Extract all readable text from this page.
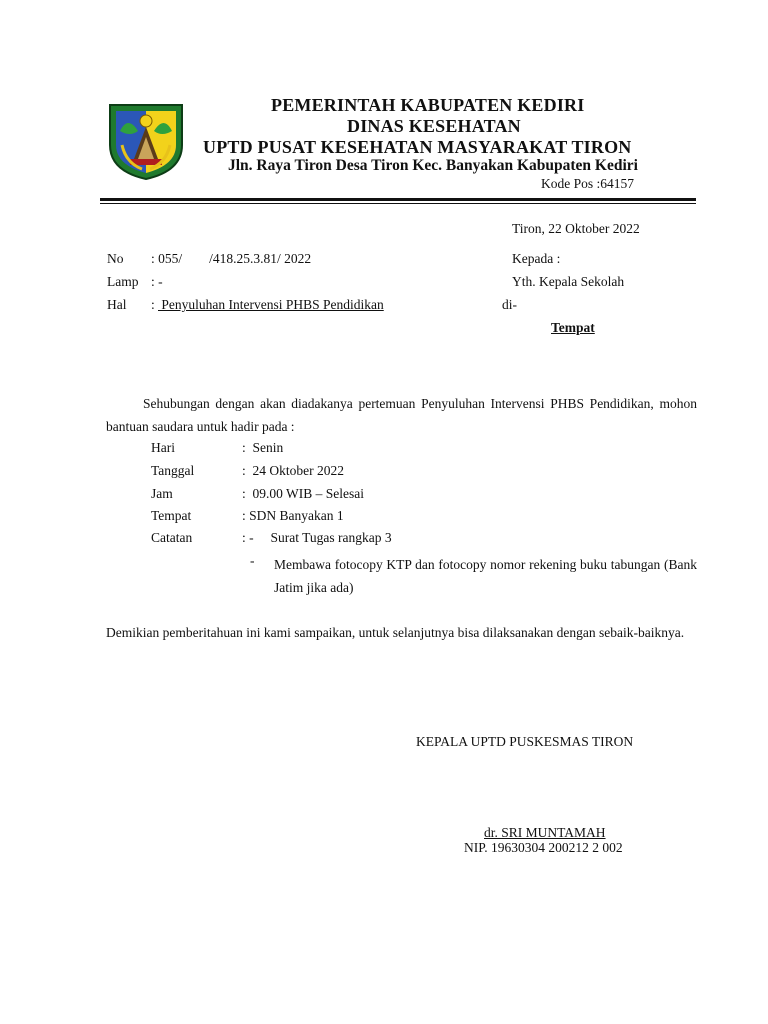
PEMERINTAH KABUPATEN KEDIRI
DINAS KESEHATAN
UPTD PUSAT KESEHATAN MASYARAKAT TIRON
Jln. Raya Tiron Desa Tiron Kec. Banyakan Kabupaten Kediri
Kode Pos :64157
Tiron, 22 Oktober 2022
No : 055/        /418.25.3.81/ 2022
Lamp : -
Hal : Penyuluhan Intervensi PHBS Pendidikan
Kepada :
Yth. Kepala Sekolah
di-
Tempat
Sehubungan dengan akan diadakanya pertemuan Penyuluhan Intervensi PHBS Pendidikan, mohon bantuan saudara untuk hadir pada :
Hari	:  Senin
Tanggal	:  24 Oktober 2022
Jam	:  09.00 WIB – Selesai
Tempat	: SDN Banyakan 1
Catatan	: -     Surat Tugas rangkap 3
- Membawa fotocopy KTP dan fotocopy nomor rekening buku tabungan (Bank Jatim jika ada)
Demikian pemberitahuan ini kami sampaikan, untuk selanjutnya bisa dilaksanakan dengan sebaik-baiknya.
KEPALA UPTD PUSKESMAS TIRON
dr. SRI MUNTAMAH
NIP. 19630304 200212 2 002
